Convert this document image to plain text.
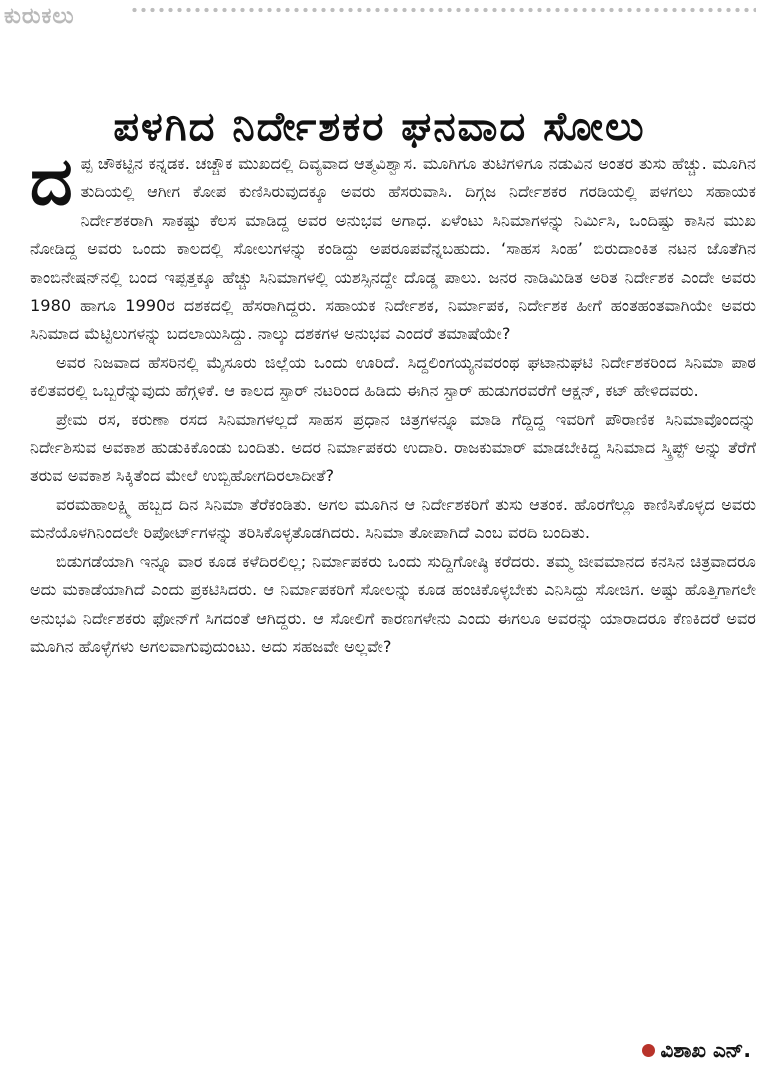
ಕುರುಕಲು
ಪಳಗಿದ ನಿರ್ದೇಶಕರ ಘನವಾದ ಸೋಲು

ದಪ್ಪ ಚೌಕಟ್ಟಿನ ಕನ್ನಡಕ. ಚಚ್ಚೌಕ ಮುಖದಲ್ಲಿ ದಿವ್ಯವಾದ ಆತ್ಮವಿಶ್ವಾಸ. ಮೂಗಿಗೂ ತುಟಿಗಳಿಗೂ ನಡುವಿನ ಅಂತರ ತುಸು ಹೆಚ್ಚು. ಮೂಗಿನ ತುದಿಯಲ್ಲಿ ಆಗೀಗ ಕೋಪ ಕುಣಿಸಿರುವುದಕ್ಕೂ ಅವರು ಹೆಸರುವಾಸಿ. ದಿಗ್ಗಜ ನಿರ್ದೇಶಕರ ಗರಡಿಯಲ್ಲಿ ಪಳಗಲು ಸಹಾಯಕ ನಿರ್ದೇಶಕರಾಗಿ ಸಾಕಷ್ಟು ಕೆಲಸ ಮಾಡಿದ್ದ ಅವರ ಅನುಭವ ಅಗಾಧ. ಏಳೆಂಟು ಸಿನಿಮಾಗಳನ್ನು ನಿರ್ಮಿಸಿ, ಒಂದಿಷ್ಟು ಕಾಸಿನ ಮುಖ ನೋಡಿದ್ದ ಅವರು ಒಂದು ಕಾಲದಲ್ಲಿ ಸೋಲುಗಳನ್ನು ಕಂಡಿದ್ದು ಅಪರೂಪವೆನ್ನಬಹುದು. ‘ಸಾಹಸ ಸಿಂಹ’ ಬಿರುದಾಂಕಿತ ನಟನ ಜೊತೆಗಿನ ಕಾಂಬಿನೇಷನ್‌ನಲ್ಲಿ ಬಂದ ಇಪ್ಪತ್ತಕ್ಕೂ ಹೆಚ್ಚು ಸಿನಿಮಾಗಳಲ್ಲಿ ಯಶಸ್ಸಿನದ್ದೇ ದೊಡ್ಡ ಪಾಲು. ಜನರ ನಾಡಿಮಿಡಿತ ಅರಿತ ನಿರ್ದೇಶಕ ಎಂದೇ ಅವರು 1980 ಹಾಗೂ 1990ರ ದಶಕದಲ್ಲಿ ಹೆಸರಾಗಿದ್ದರು. ಸಹಾಯಕ ನಿರ್ದೇಶಕ, ನಿರ್ಮಾಪಕ, ನಿರ್ದೇಶಕ ಹೀಗೆ ಹಂತಹಂತವಾಗಿಯೇ ಅವರು ಸಿನಿಮಾದ ಮೆಟ್ಟಿಲುಗಳನ್ನು ಬದಲಾಯಿಸಿದ್ದು. ನಾಲ್ಕು ದಶಕಗಳ ಅನುಭವ ಎಂದರೆ ತಮಾಷೆಯೇ?

ಅವರ ನಿಜವಾದ ಹೆಸರಿನಲ್ಲಿ ಮೈಸೂರು ಜಿಲ್ಲೆಯ ಒಂದು ಊರಿದೆ. ಸಿದ್ದಲಿಂಗಯ್ಯನವರಂಥ ಘಟಾನುಘಟಿ ನಿರ್ದೇಶಕರಿಂದ ಸಿನಿಮಾ ಪಾಠ ಕಲಿತವರಲ್ಲಿ ಒಬ್ಬರೆನ್ನುವುದು ಹೆಗ್ಗಳಿಕೆ. ಆ ಕಾಲದ ಸ್ಟಾರ್ ನಟರಿಂದ ಹಿಡಿದು ಈಗಿನ ಸ್ಟಾರ್ ಹುಡುಗರವರೆಗೆ ಆಕ್ಷನ್, ಕಟ್ ಹೇಳಿದವರು.

ಪ್ರೇಮ ರಸ, ಕರುಣಾ ರಸದ ಸಿನಿಮಾಗಳಲ್ಲದೆ ಸಾಹಸ ಪ್ರಧಾನ ಚಿತ್ರಗಳನ್ನೂ ಮಾಡಿ ಗೆದ್ದಿದ್ದ ಇವರಿಗೆ ಪೌರಾಣಿಕ ಸಿನಿಮಾವೊಂದನ್ನು ನಿರ್ದೇಶಿಸುವ ಅವಕಾಶ ಹುಡುಕಿಕೊಂಡು ಬಂದಿತು. ಅದರ ನಿರ್ಮಾಪಕರು ಉದಾರಿ. ರಾಜಕುಮಾರ್ ಮಾಡಬೇಕಿದ್ದ ಸಿನಿಮಾದ ಸ್ಕ್ರಿಪ್ಟ್ ಅನ್ನು ತೆರೆಗೆ ತರುವ ಅವಕಾಶ ಸಿಕ್ಕಿತೆಂದ ಮೇಲೆ ಉಬ್ಬಿಹೋಗದಿರಲಾದೀತೆ?

ವರಮಹಾಲಕ್ಷ್ಮಿ ಹಬ್ಬದ ದಿನ ಸಿನಿಮಾ ತೆರೆಕಂಡಿತು. ಅಗಲ ಮೂಗಿನ ಆ ನಿರ್ದೇಶಕರಿಗೆ ತುಸು ಆತಂಕ. ಹೊರಗೆಲ್ಲೂ ಕಾಣಿಸಿಕೊಳ್ಳದ ಅವರು ಮನೆಯೊಳಗಿನಿಂದಲೇ ರಿಪೋರ್ಟ್‌ಗಳನ್ನು ತರಿಸಿಕೊಳ್ಳತೊಡಗಿದರು. ಸಿನಿಮಾ ತೋಪಾಗಿದೆ ಎಂಬ ವರದಿ ಬಂದಿತು.

ಬಿಡುಗಡೆಯಾಗಿ ಇನ್ನೂ ವಾರ ಕೂಡ ಕಳೆದಿರಲಿಲ್ಲ; ನಿರ್ಮಾಪಕರು ಒಂದು ಸುದ್ದಿಗೋಷ್ಠಿ ಕರೆದರು. ತಮ್ಮ ಜೀವಮಾನದ ಕನಸಿನ ಚಿತ್ರವಾದರೂ ಅದು ಮಕಾಡೆಯಾಗಿದೆ ಎಂದು ಪ್ರಕಟಿಸಿದರು. ಆ ನಿರ್ಮಾಪಕರಿಗೆ ಸೋಲನ್ನು ಕೂಡ ಹಂಚಿಕೊಳ್ಳಬೇಕು ಎನಿಸಿದ್ದು ಸೋಜಿಗ. ಅಷ್ಟು ಹೊತ್ತಿಗಾಗಲೇ ಅನುಭವಿ ನಿರ್ದೇಶಕರು ಫೋನ್‌ಗೆ ಸಿಗದಂತೆ ಆಗಿದ್ದರು. ಆ ಸೋಲಿಗೆ ಕಾರಣಗಳೇನು ಎಂದು ಈಗಲೂ ಅವರನ್ನು ಯಾರಾದರೂ ಕೆಣಕಿದರೆ ಅವರ ಮೂಗಿನ ಹೊಳ್ಳೆಗಳು ಅಗಲವಾಗುವುದುಂಟು. ಅದು ಸಹಜವೇ ಅಲ್ಲವೇ?

ವಿಶಾಖ ಎನ್.
